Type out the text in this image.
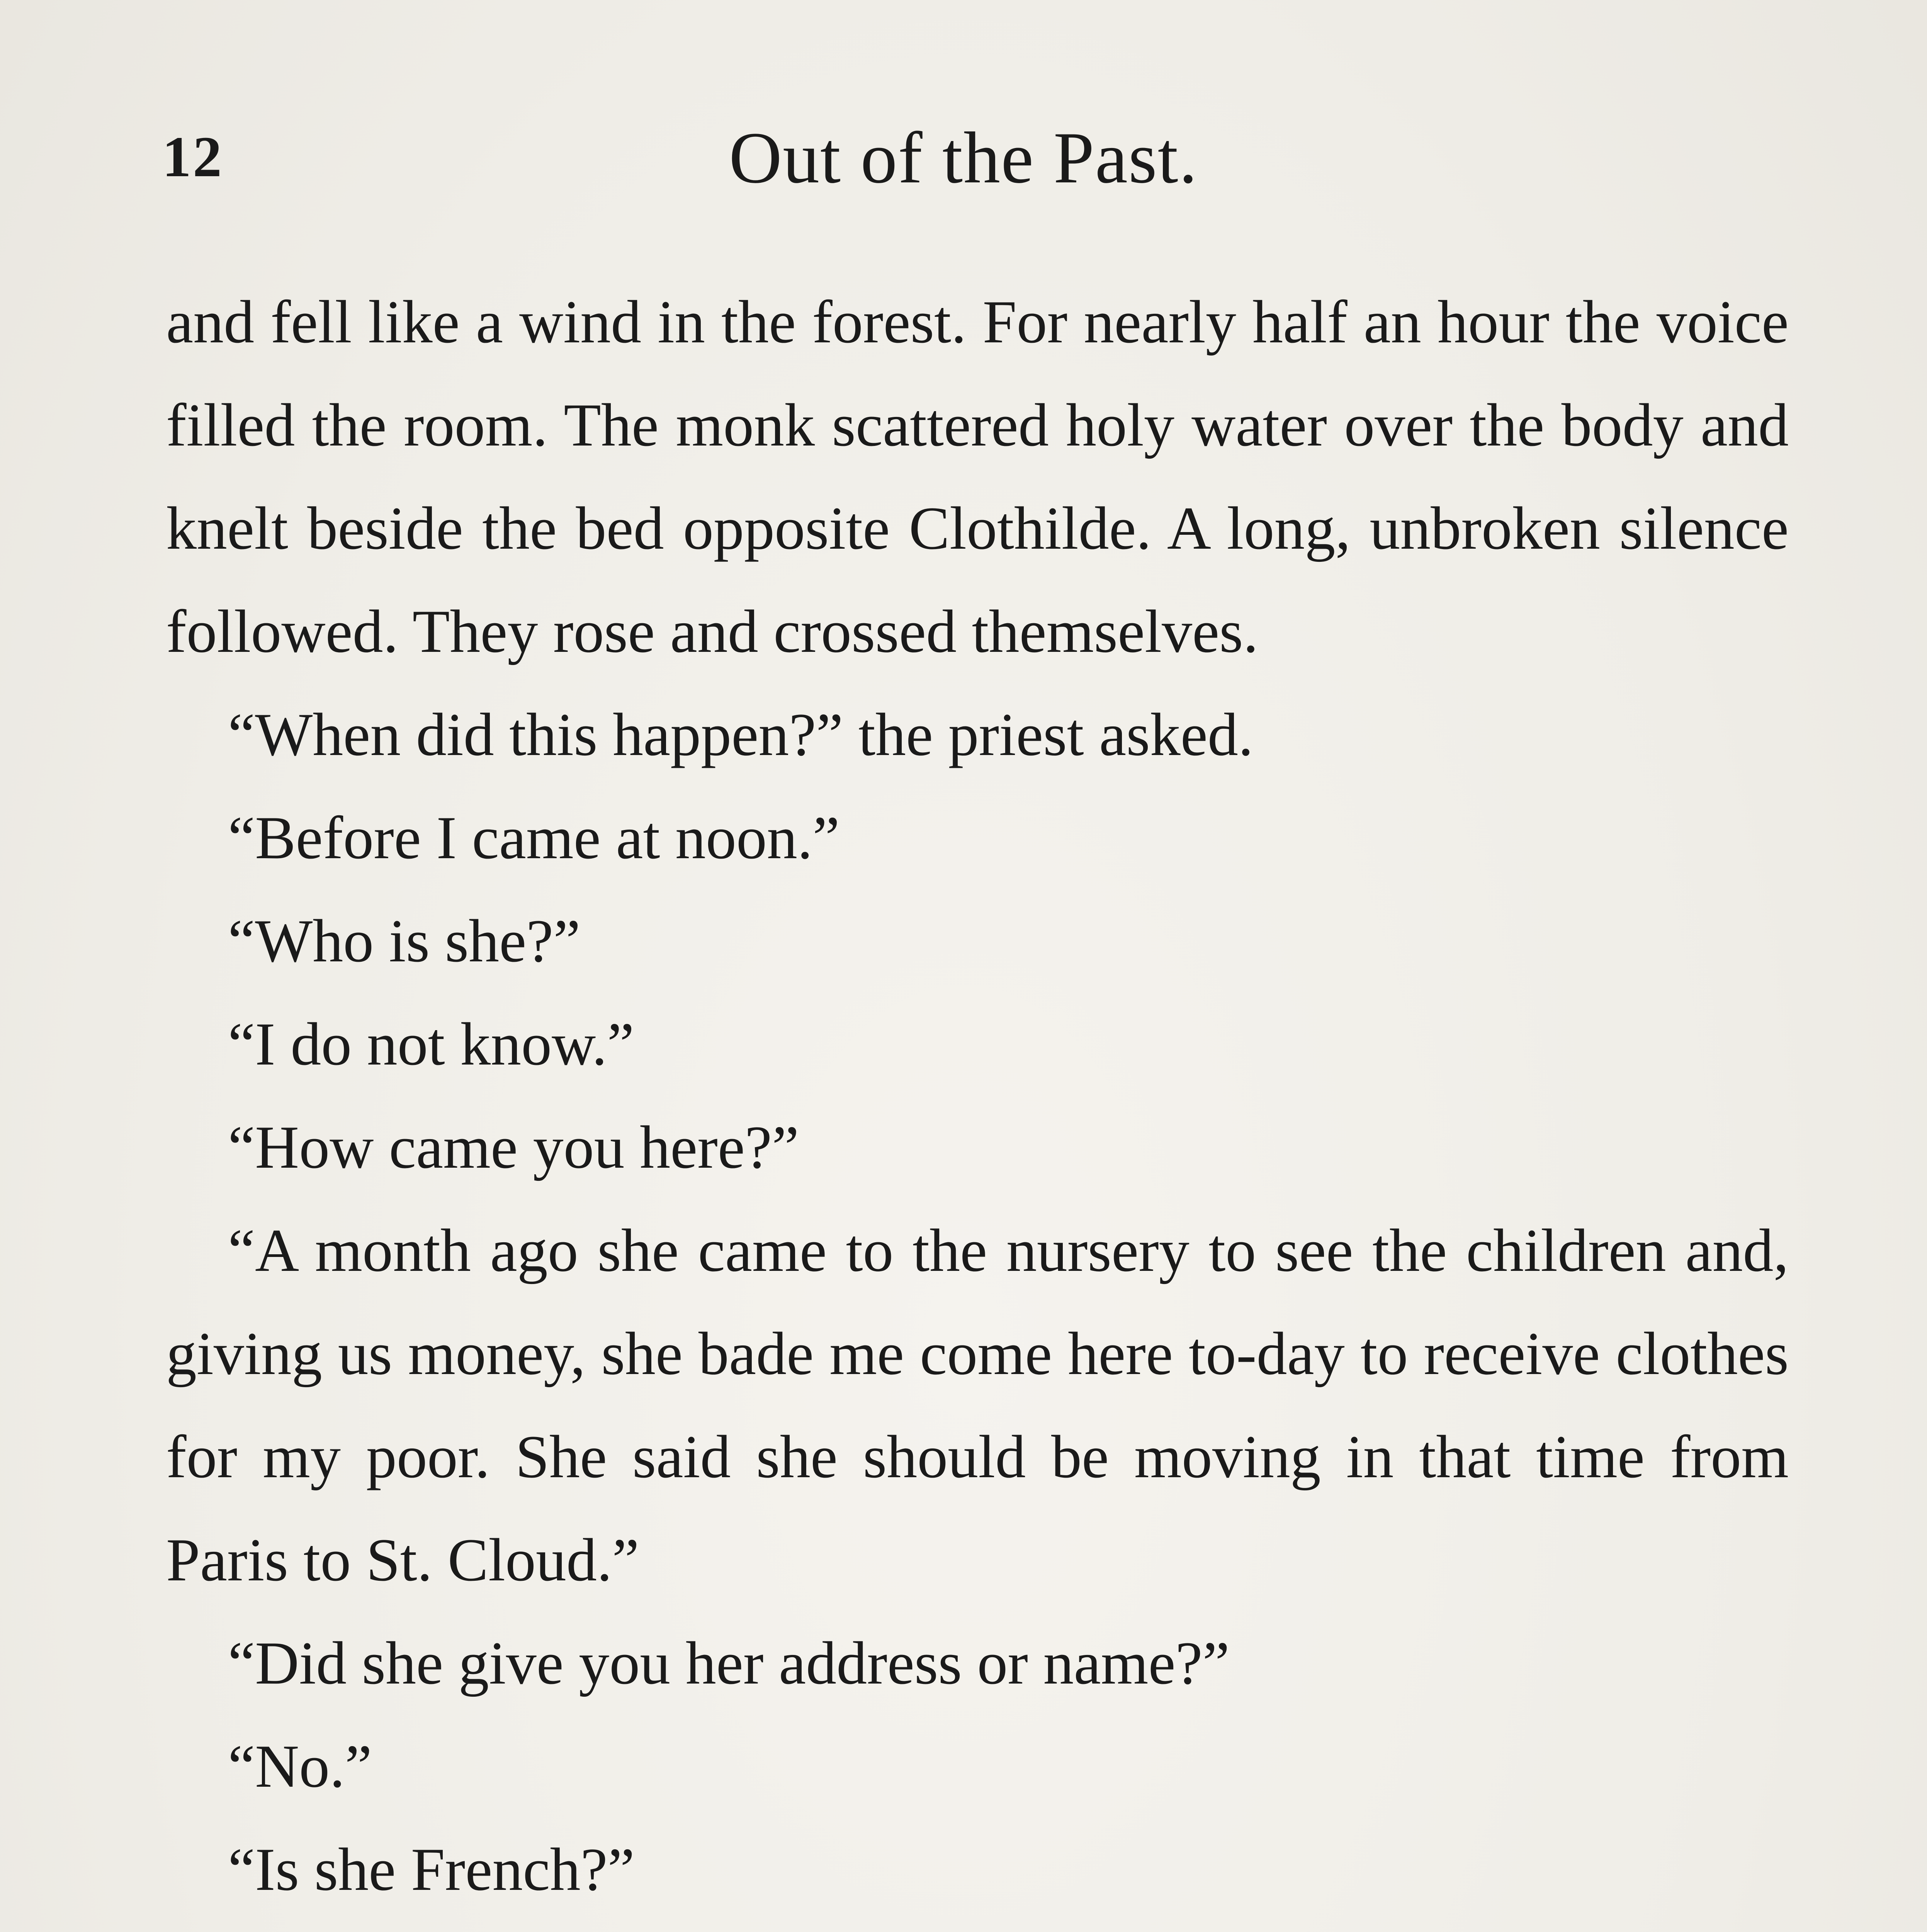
12	Out of the Past.

and fell like a wind in the forest. For nearly half an hour the voice filled the room. The monk scattered holy water over the body and knelt beside the bed opposite Clothilde. A long, unbroken silence followed. They rose and crossed themselves.

“When did this happen?” the priest asked.

“Before I came at noon.”

“Who is she?”

“I do not know.”

“How came you here?”

“A month ago she came to the nursery to see the children and, giving us money, she bade me come here to-day to receive clothes for my poor. She said she should be moving in that time from Paris to St. Cloud.”

“Did she give you her address or name?”

“No.”

“Is she French?”
